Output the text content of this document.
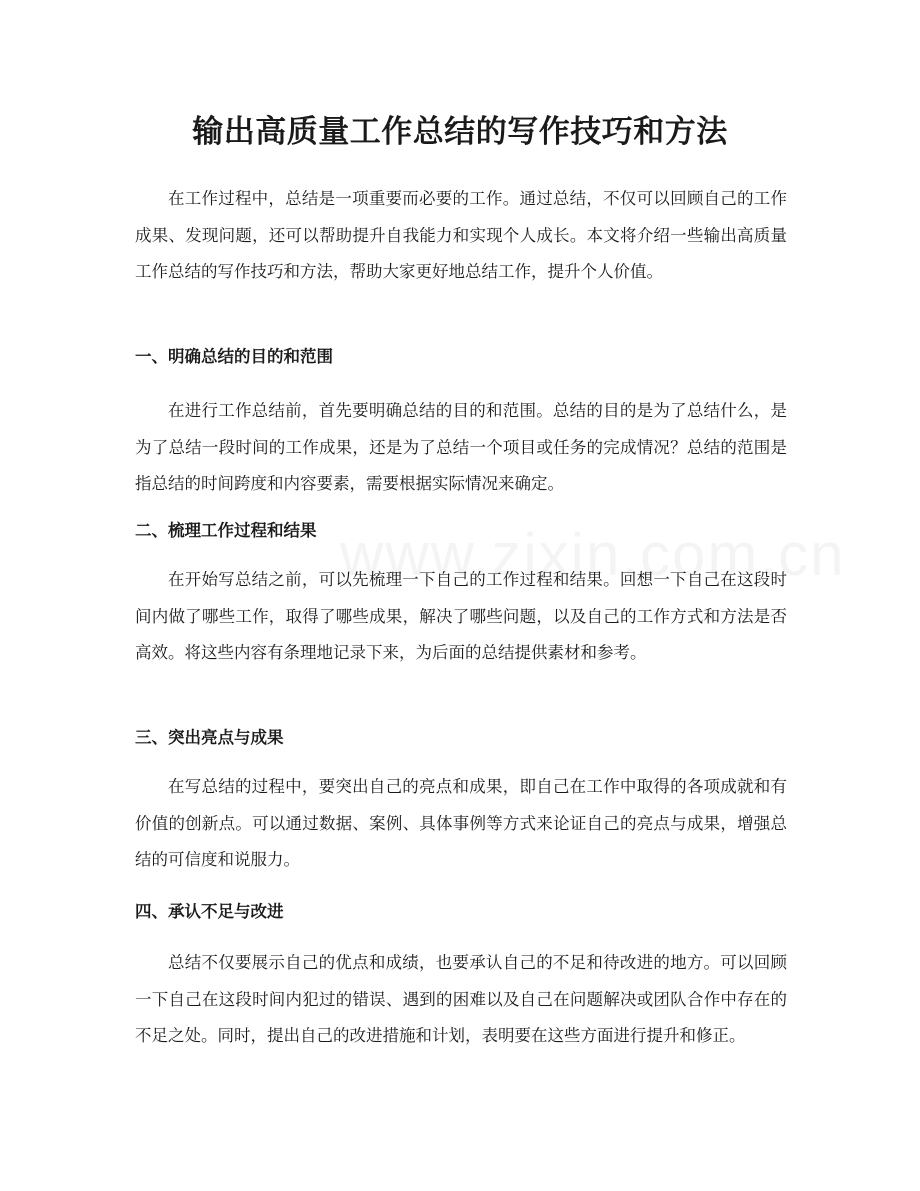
输出高质量工作总结的写作技巧和方法

在工作过程中，总结是一项重要而必要的工作。通过总结，不仅可以回顾自己的工作成果、发现问题，还可以帮助提升自我能力和实现个人成长。本文将介绍一些输出高质量工作总结的写作技巧和方法，帮助大家更好地总结工作，提升个人价值。

一、明确总结的目的和范围

在进行工作总结前，首先要明确总结的目的和范围。总结的目的是为了总结什么，是为了总结一段时间的工作成果，还是为了总结一个项目或任务的完成情况？总结的范围是指总结的时间跨度和内容要素，需要根据实际情况来确定。

二、梳理工作过程和结果

在开始写总结之前，可以先梳理一下自己的工作过程和结果。回想一下自己在这段时间内做了哪些工作，取得了哪些成果，解决了哪些问题，以及自己的工作方式和方法是否高效。将这些内容有条理地记录下来，为后面的总结提供素材和参考。

三、突出亮点与成果

在写总结的过程中，要突出自己的亮点和成果，即自己在工作中取得的各项成就和有价值的创新点。可以通过数据、案例、具体事例等方式来论证自己的亮点与成果，增强总结的可信度和说服力。

四、承认不足与改进

总结不仅要展示自己的优点和成绩，也要承认自己的不足和待改进的地方。可以回顾一下自己在这段时间内犯过的错误、遇到的困难以及自己在问题解决或团队合作中存在的不足之处。同时，提出自己的改进措施和计划，表明要在这些方面进行提升和修正。
